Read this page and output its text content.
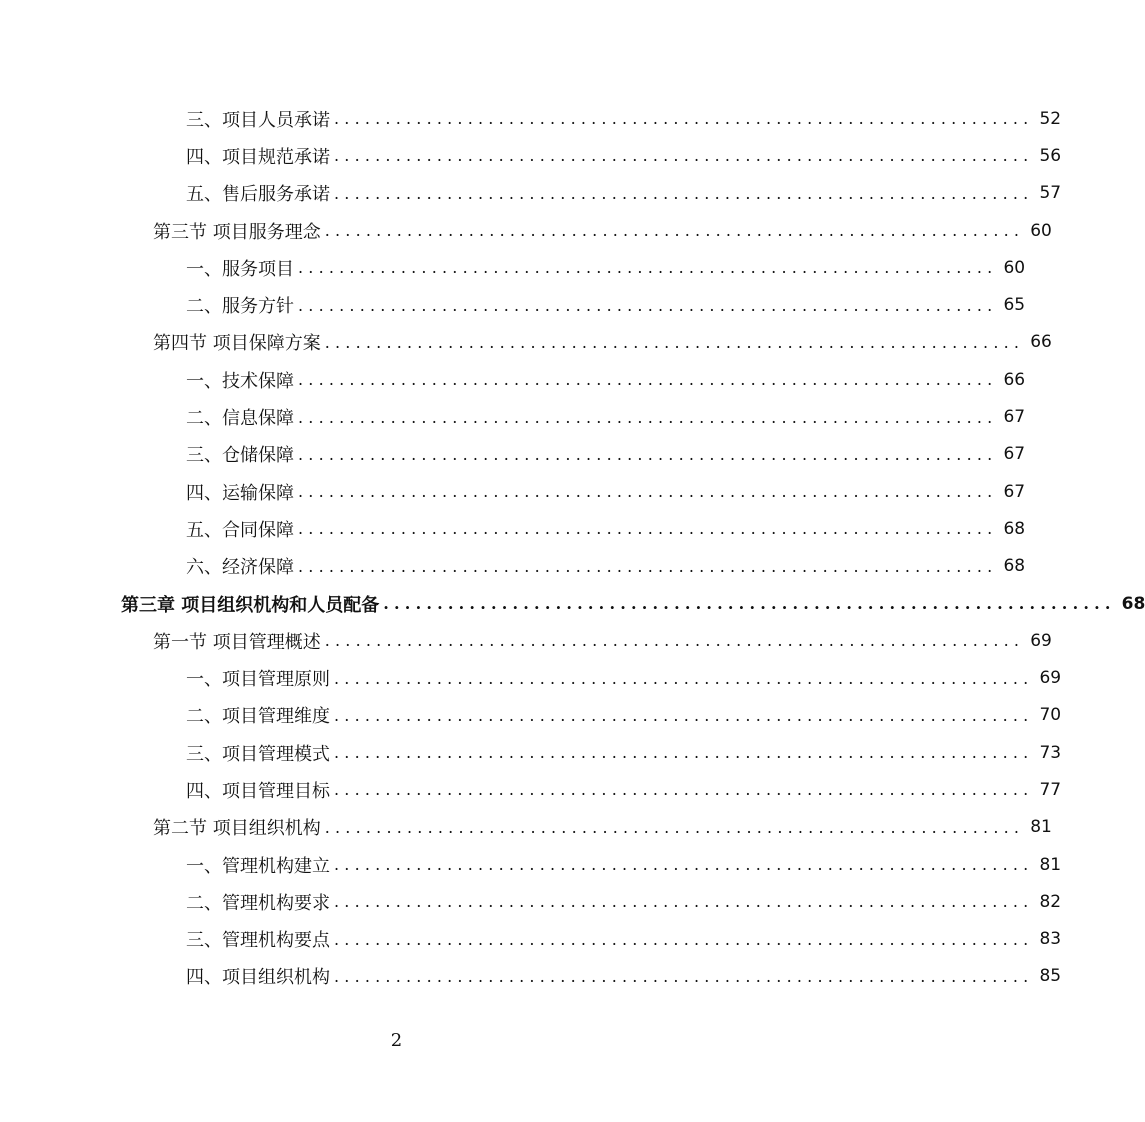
三、项目人员承诺 .................................................................... 52
四、项目规范承诺 .................................................................... 56
五、售后服务承诺 .................................................................... 57
第三节 项目服务理念 .................................................................... 60
一、服务项目 .................................................................... 60
二、服务方针 .................................................................... 65
第四节 项目保障方案 .................................................................... 66
一、技术保障 .................................................................... 66
二、信息保障 .................................................................... 67
三、仓储保障 .................................................................... 67
四、运输保障 .................................................................... 67
五、合同保障 .................................................................... 68
六、经济保障 .................................................................... 68
第三章 项目组织机构和人员配备 .................................................................... 68
第一节 项目管理概述 .................................................................... 69
一、项目管理原则 .................................................................... 69
二、项目管理维度 .................................................................... 70
三、项目管理模式 .................................................................... 73
四、项目管理目标 .................................................................... 77
第二节 项目组织机构 .................................................................... 81
一、管理机构建立 .................................................................... 81
二、管理机构要求 .................................................................... 82
三、管理机构要点 .................................................................... 83
四、项目组织机构 .................................................................... 85
2
